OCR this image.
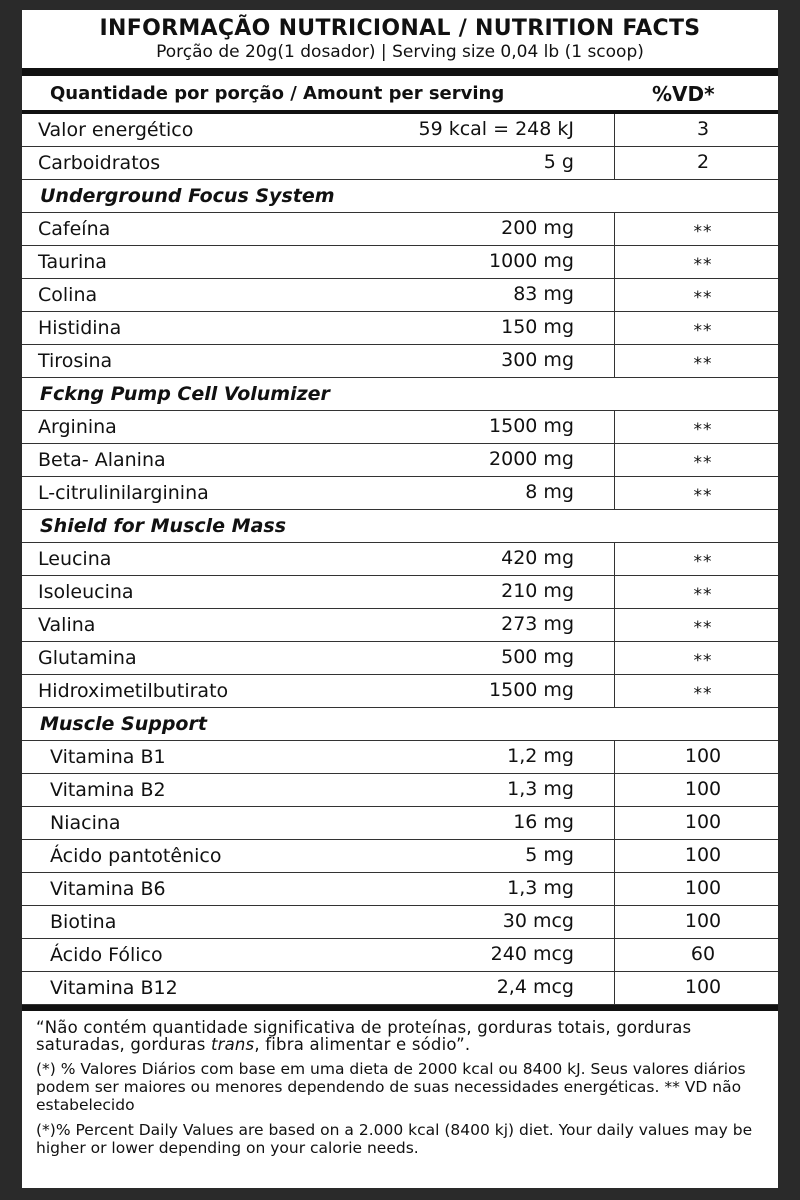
INFORMAÇÃO NUTRICIONAL / NUTRITION FACTS
Porção de 20g(1 dosador) | Serving size 0,04 lb (1 scoop)
Quantidade por porção / Amount per serving	%VD*
Valor energético	59 kcal = 248 kJ	3
Carboidratos	5 g	2
Underground Focus System
Cafeína	200 mg	**
Taurina	1000 mg	**
Colina	83 mg	**
Histidina	150 mg	**
Tirosina	300 mg	**
Fckng Pump Cell Volumizer
Arginina	1500 mg	**
Beta- Alanina	2000 mg	**
L-citrulinilarginina	8 mg	**
Shield for Muscle Mass
Leucina	420 mg	**
Isoleucina	210 mg	**
Valina	273 mg	**
Glutamina	500 mg	**
Hidroximetilbutirato	1500 mg	**
Muscle Support
Vitamina B1	1,2 mg	100
Vitamina B2	1,3 mg	100
Niacina	16 mg	100
Ácido pantotênico	5 mg	100
Vitamina B6	1,3 mg	100
Biotina	30 mcg	100
Ácido Fólico	240 mcg	60
Vitamina B12	2,4 mcg	100

“Não contém quantidade significativa de proteínas, gorduras totais, gorduras saturadas, gorduras trans, fibra alimentar e sódio”.

(*) % Valores Diários com base em uma dieta de 2000 kcal ou 8400 kJ. Seus valores diários podem ser maiores ou menores dependendo de suas necessidades energéticas. ** VD não estabelecido

(*)% Percent Daily Values are based on a 2.000 kcal (8400 kj) diet. Your daily values may be higher or lower depending on your calorie needs.
